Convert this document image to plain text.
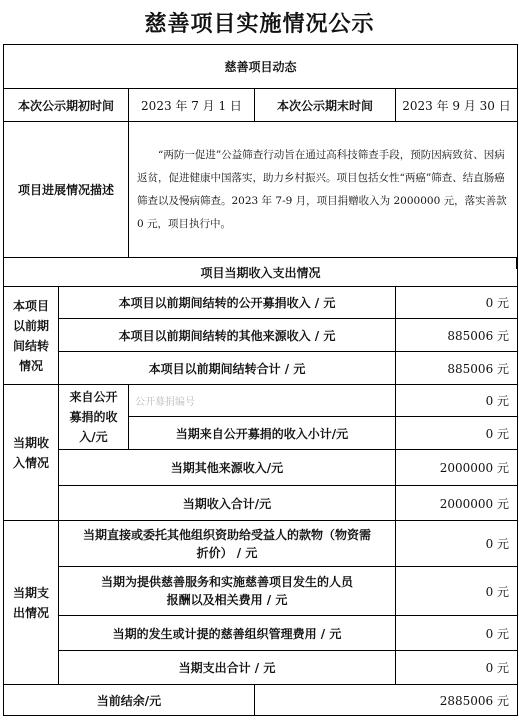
慈善项目实施情况公示
慈善项目动态				
本次公示期初时间		2023 年 7 月 1 日	本次公示期末时间	2023 年 9 月 30 日
项目进展情况描述		“两防一促进”公益筛查行动旨在通过高科技筛查手段，预防因病致贫、因病返贫，促进健康中国落实，助力乡村振兴。项目包括女性“两癌”筛查、结直肠癌筛查以及慢病筛查。2023 年 7-9 月，项目捐赠收入为 2000000 元，落实善款 0 元，项目执行中。		
项目当期收入支出情况				
本项目以前期间结转情况	本项目以前期间结转的公开募捐收入 / 元			0 元
	本项目以前期间结转的其他来源收入 / 元			885006 元
	本项目以前期间结转合计 / 元			885006 元
当期收入情况	来自公开募捐的收入/元	公开募捐编号		0 元
		当期来自公开募捐的收入小计/元		0 元
	当期其他来源收入/元			2000000 元
	当期收入合计/元			2000000 元
当期支出情况	当期直接或委托其他组织资助给受益人的款物（物资需折价） / 元			0 元
	当期为提供慈善服务和实施慈善项目发生的人员报酬以及相关费用 / 元			0 元
	当期的发生或计提的慈善组织管理费用 / 元			0 元
	当期支出合计 / 元			0 元
当前结余/元			2885006 元	
